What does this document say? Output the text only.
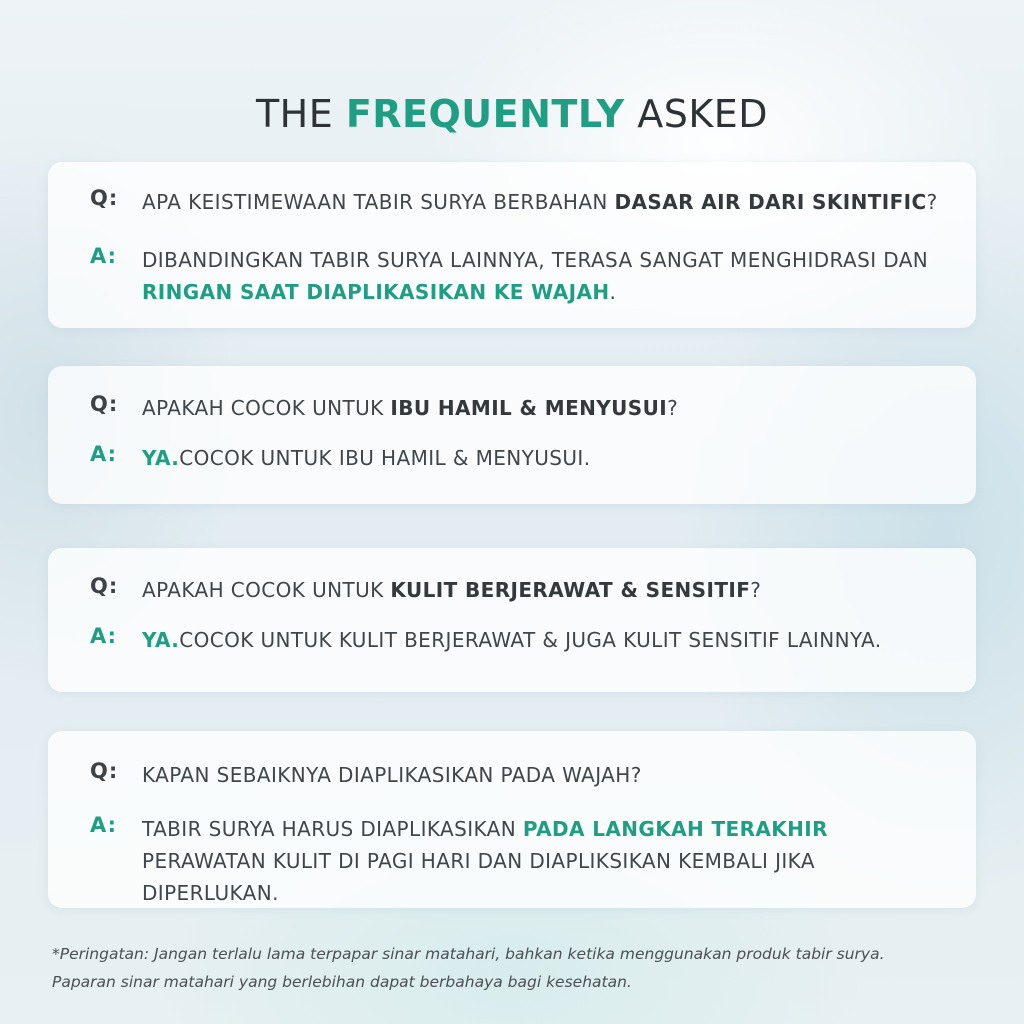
THE FREQUENTLY ASKED
Q:	APA KEISTIMEWAAN TABIR SURYA BERBAHAN DASAR AIR DARI SKINTIFIC?
A:	DIBANDINGKAN TABIR SURYA LAINNYA, TERASA SANGAT MENGHIDRASI DAN RINGAN SAAT DIAPLIKASIKAN KE WAJAH.
Q:	APAKAH COCOK UNTUK IBU HAMIL & MENYUSUI?
A:	YA.COCOK UNTUK IBU HAMIL & MENYUSUI.
Q:	APAKAH COCOK UNTUK KULIT BERJERAWAT & SENSITIF?
A:	YA.COCOK UNTUK KULIT BERJERAWAT & JUGA KULIT SENSITIF LAINNYA.
Q:	KAPAN SEBAIKNYA DIAPLIKASIKAN PADA WAJAH?
A:	TABIR SURYA HARUS DIAPLIKASIKAN PADA LANGKAH TERAKHIR PERAWATAN KULIT DI PAGI HARI DAN DIAPLIKSIKAN KEMBALI JIKA DIPERLUKAN.
*Peringatan: Jangan terlalu lama terpapar sinar matahari, bahkan ketika menggunakan produk tabir surya.
Paparan sinar matahari yang berlebihan dapat berbahaya bagi kesehatan.
